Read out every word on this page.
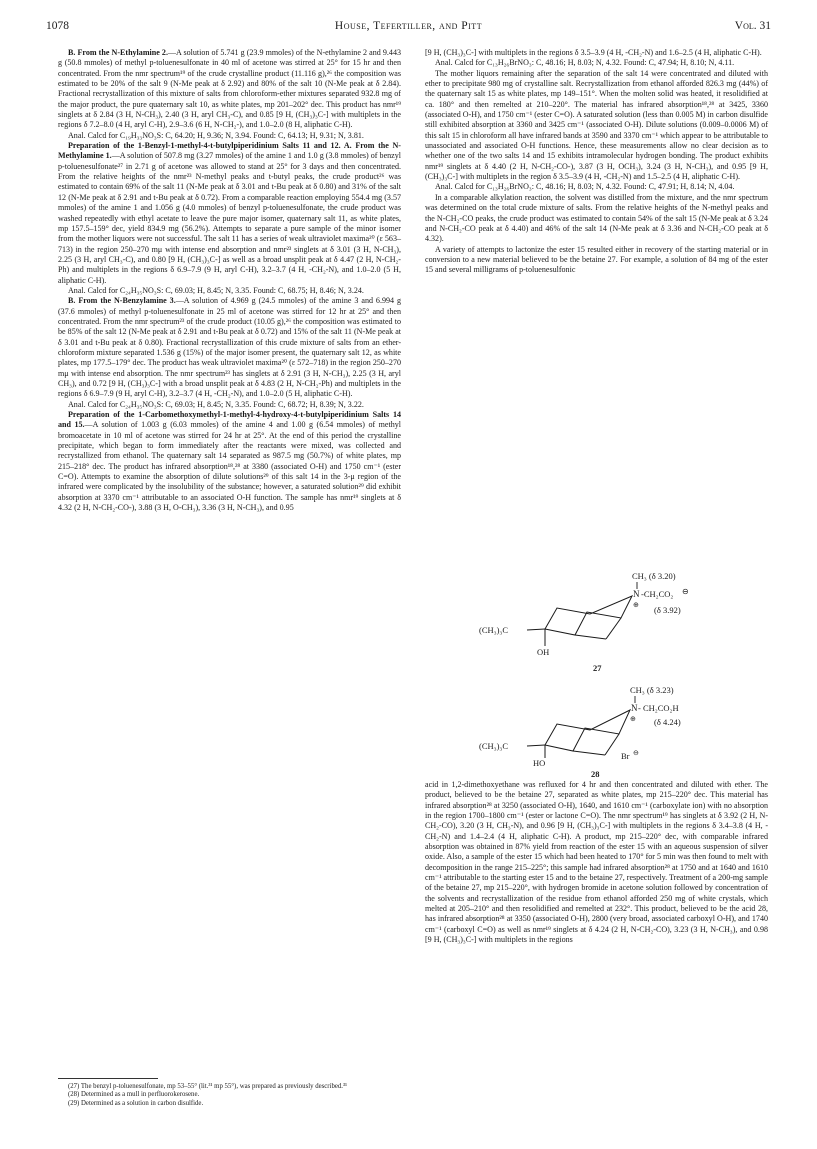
1078	House, Tefertiller, and Pitt	Vol. 31

B. From the N-Ethylamine 2.—A solution of 5.741 g (23.9 mmoles) of the N-ethylamine 2 and 9.443 g (50.8 mmoles) of methyl p-toluenesulfonate in 40 ml of acetone was stirred at 25° for 15 hr and then concentrated. From the nmr spectrum¹⁹ of the crude crystalline product (11.116 g),²⁶ the composition was estimated to be 20% of the salt 9 (N-Me peak at δ 2.92) and 80% of the salt 10 (N-Me peak at δ 2.84). Fractional recrystallization of this mixture of salts from chloroform-ether mixtures separated 932.8 mg of the major product, the pure quaternary salt 10, as white plates, mp 201–202° dec. This product has nmr¹⁹ singlets at δ 2.84 (3 H, N-CH₃), 2.40 (3 H, aryl CH₃-C), and 0.85 [9 H, (CH₃)₃C-] with multiplets in the regions δ 7.2–8.0 (4 H, aryl C-H), 2.9–3.6 (6 H, N-CH₂-), and 1.0–2.0 (8 H, aliphatic C-H).

Anal. Calcd for C₁₉H₃₃NO₃S: C, 64.20; H, 9.36; N, 3.94. Found: C, 64.13; H, 9.31; N, 3.81.

Preparation of the 1-Benzyl-1-methyl-4-t-butylpiperidinium Salts 11 and 12. A. From the N-Methylamine 1.—A solution of 507.8 mg (3.27 mmoles) of the amine 1 and 1.0 g (3.8 mmoles) of benzyl p-toluenesulfonate²⁷ in 2.71 g of acetone was allowed to stand at 25° for 3 days and then concentrated. From the relative heights of the nmr²³ N-methyl peaks and t-butyl peaks, the crude product²⁶ was estimated to contain 69% of the salt 11 (N-Me peak at δ 3.01 and t-Bu peak at δ 0.80) and 31% of the salt 12 (N-Me peak at δ 2.91 and t-Bu peak at δ 0.72). From a comparable reaction employing 554.4 mg (3.57 mmoles) of the amine 1 and 1.056 g (4.0 mmoles) of benzyl p-toluenesulfonate, the crude product was washed repeatedly with ethyl acetate to leave the pure major isomer, quaternary salt 11, as white plates, mp 157.5–159° dec, yield 834.9 mg (56.2%). Attempts to separate a pure sample of the minor isomer from the mother liquors were not successful. The salt 11 has a series of weak ultraviolet maxima²⁰ (ε 563–713) in the region 250–270 mμ with intense end absorption and nmr²³ singlets at δ 3.01 (3 H, N-CH₃), 2.25 (3 H, aryl CH₃-C), and 0.80 [9 H, (CH₃)₃C-] as well as a broad unsplit peak at δ 4.47 (2 H, N-CH₂-Ph) and multiplets in the regions δ 6.9–7.9 (9 H, aryl C-H), 3.2–3.7 (4 H, -CH₂-N), and 1.0–2.0 (5 H, aliphatic C-H).

Anal. Calcd for C₂₄H₃₅NO₃S: C, 69.03; H, 8.45; N, 3.35. Found: C, 68.75; H, 8.46; N, 3.24.

B. From the N-Benzylamine 3.—A solution of 4.969 g (24.5 mmoles) of the amine 3 and 6.994 g (37.6 mmoles) of methyl p-toluenesulfonate in 25 ml of acetone was stirred for 12 hr at 25° and then concentrated. From the nmr spectrum²³ of the crude product (10.05 g),²⁶ the composition was estimated to be 85% of the salt 12 (N-Me peak at δ 2.91 and t-Bu peak at δ 0.72) and 15% of the salt 11 (N-Me peak at δ 3.01 and t-Bu peak at δ 0.80). Fractional recrystallization of this crude mixture of salts from an ether-chloroform mixture separated 1.536 g (15%) of the major isomer present, the quaternary salt 12, as white plates, mp 177.5–179° dec. The product has weak ultraviolet maxima²⁰ (ε 572–718) in the region 250–270 mμ with intense end absorption. The nmr spectrum²³ has singlets at δ 2.91 (3 H, N-CH₃), 2.25 (3 H, aryl CH₃), and 0.72 [9 H, (CH₃)₃C-] with a broad unsplit peak at δ 4.83 (2 H, N-CH₂-Ph) and multiplets in the regions δ 6.9–7.9 (9 H, aryl C-H), 3.2–3.7 (4 H, -CH₂-N), and 1.0–2.0 (5 H, aliphatic C-H).

Anal. Calcd for C₂₄H₃₅NO₃S: C, 69.03; H, 8.45; N, 3.35. Found: C, 68.72; H, 8.39; N, 3.22.

Preparation of the 1-Carbomethoxymethyl-1-methyl-4-hydroxy-4-t-butylpiperidinium Salts 14 and 15.—A solution of 1.003 g (6.03 mmoles) of the amine 4 and 1.00 g (6.54 mmoles) of methyl bromoacetate in 10 ml of acetone was stirred for 24 hr at 25°. At the end of this period the crystalline precipitate, which began to form immediately after the reactants were mixed, was collected and recrystallized from ethanol. The quaternary salt 14 separated as 987.5 mg (50.7%) of white plates, mp 215–218° dec. The product has infrared absorption¹⁸,²⁸ at 3380 (associated O-H) and 1750 cm⁻¹ (ester C=O). Attempts to examine the absorption of dilute solutions²⁹ of this salt 14 in the 3-μ region of the infrared were complicated by the insolubility of the substance; however, a saturated solution²⁹ did exhibit absorption at 3370 cm⁻¹ attributable to an associated O-H function. The sample has nmr¹⁹ singlets at δ 4.32 (2 H, N-CH₂-CO-), 3.88 (3 H, O-CH₃), 3.36 (3 H, N-CH₃), and 0.95

[9 H, (CH₃)₃C-] with multiplets in the regions δ 3.5–3.9 (4 H, -CH₂-N) and 1.6–2.5 (4 H, aliphatic C-H).

Anal. Calcd for C₁₃H₂₆BrNO₃: C, 48.16; H, 8.03; N, 4.32. Found: C, 47.94; H, 8.10; N, 4.11.

The mother liquors remaining after the separation of the salt 14 were concentrated and diluted with ether to precipitate 980 mg of crystalline salt. Recrystallization from ethanol afforded 826.3 mg (44%) of the quaternary salt 15 as white plates, mp 149–151°. When the molten solid was heated, it resolidified at ca. 180° and then remelted at 210–220°. The material has infrared absorption¹⁸,²⁸ at 3425, 3360 (associated O-H), and 1750 cm⁻¹ (ester C=O). A saturated solution (less than 0.005 M) in carbon disulfide still exhibited absorption at 3360 and 3425 cm⁻¹ (associated O-H). Dilute solutions (0.009–0.0006 M) of this salt 15 in chloroform all have infrared bands at 3590 and 3370 cm⁻¹ which appear to be attributable to unassociated and associated O-H functions. Hence, these measurements allow no clear decision as to whether one of the two salts 14 and 15 exhibits intramolecular hydrogen bonding. The product exhibits nmr¹⁹ singlets at δ 4.40 (2 H, N-CH₂-CO-), 3.87 (3 H, OCH₃), 3.24 (3 H, N-CH₃), and 0.95 [9 H, (CH₃)₃C-] with multiplets in the region δ 3.5–3.9 (4 H, -CH₂-N) and 1.5–2.5 (4 H, aliphatic C-H).

Anal. Calcd for C₁₃H₂₆BrNO₃: C, 48.16; H, 8.03; N, 4.32. Found: C, 47.91; H, 8.14; N, 4.04.

In a comparable alkylation reaction, the solvent was distilled from the mixture, and the nmr spectrum was determined on the total crude mixture of salts. From the relative heights of the N-methyl peaks and the N-CH₂-CO peaks, the crude product was estimated to contain 54% of the salt 15 (N-Me peak at δ 3.24 and N-CH₂-CO peak at δ 4.40) and 46% of the salt 14 (N-Me peak at δ 3.36 and N-CH₂-CO peak at δ 4.32).

A variety of attempts to lactonize the ester 15 resulted either in recovery of the starting material or in conversion to a new material believed to be the betaine 27. For example, a solution of 84 mg of the ester 15 and several milligrams of p-toluenesulfonic

CH₃ (δ 3.20)
N -CH₂CO₂ ⊖
⊕ (δ 3.92)
(CH₃)₃C
OH
27
CH₃ (δ 3.23)
N - CH₂CO₂H
⊕ (δ 4.24)
(CH₃)₃C
HO
Br ⊖
28

acid in 1,2-dimethoxyethane was refluxed for 4 hr and then concentrated and diluted with ether. The product, believed to be the betaine 27, separated as white plates, mp 215–220° dec. This material has infrared absorption²⁸ at 3250 (associated O-H), 1640, and 1610 cm⁻¹ (carboxylate ion) with no absorption in the region 1700–1800 cm⁻¹ (ester or lactone C=O). The nmr spectrum¹⁹ has singlets at δ 3.92 (2 H, N-CH₂-CO), 3.20 (3 H, CH₃-N), and 0.96 [9 H, (CH₃)₃C-] with multiplets in the regions δ 3.4–3.8 (4 H, -CH₂-N) and 1.4–2.4 (4 H, aliphatic C-H). A product, mp 215–220° dec, with comparable infrared absorption was obtained in 87% yield from reaction of the ester 15 with an aqueous suspension of silver oxide. Also, a sample of the ester 15 which had been heated to 170° for 5 min was then found to melt with decomposition in the range 215–225°; this sample had infrared absorption²⁸ at 1750 and at 1640 and 1610 cm⁻¹ attributable to the starting ester 15 and to the betaine 27, respectively. Treatment of a 200-mg sample of the betaine 27, mp 215–220°, with hydrogen bromide in acetone solution followed by concentration of the solvents and recrystallization of the residue from ethanol afforded 250 mg of white crystals, which melted at 205–210° and then resolidified and remelted at 232°. This product, believed to be the acid 28, has infrared absorption²⁸ at 3350 (associated O-H), 2800 (very broad, associated carboxyl O-H), and 1740 cm⁻¹ (carboxyl C=O) as well as nmr¹⁹ singlets at δ 4.24 (2 H, N-CH₂-CO), 3.23 (3 H, N-CH₃), and 0.98 [9 H, (CH₃)₃C-] with multiplets in the regions

(27) The benzyl p-toluenesulfonate, mp 53–55° (lit.³¹ mp 55°), was prepared as previously described.³¹
(28) Determined as a mull in perfluorokerosene.
(29) Determined as a solution in carbon disulfide.
